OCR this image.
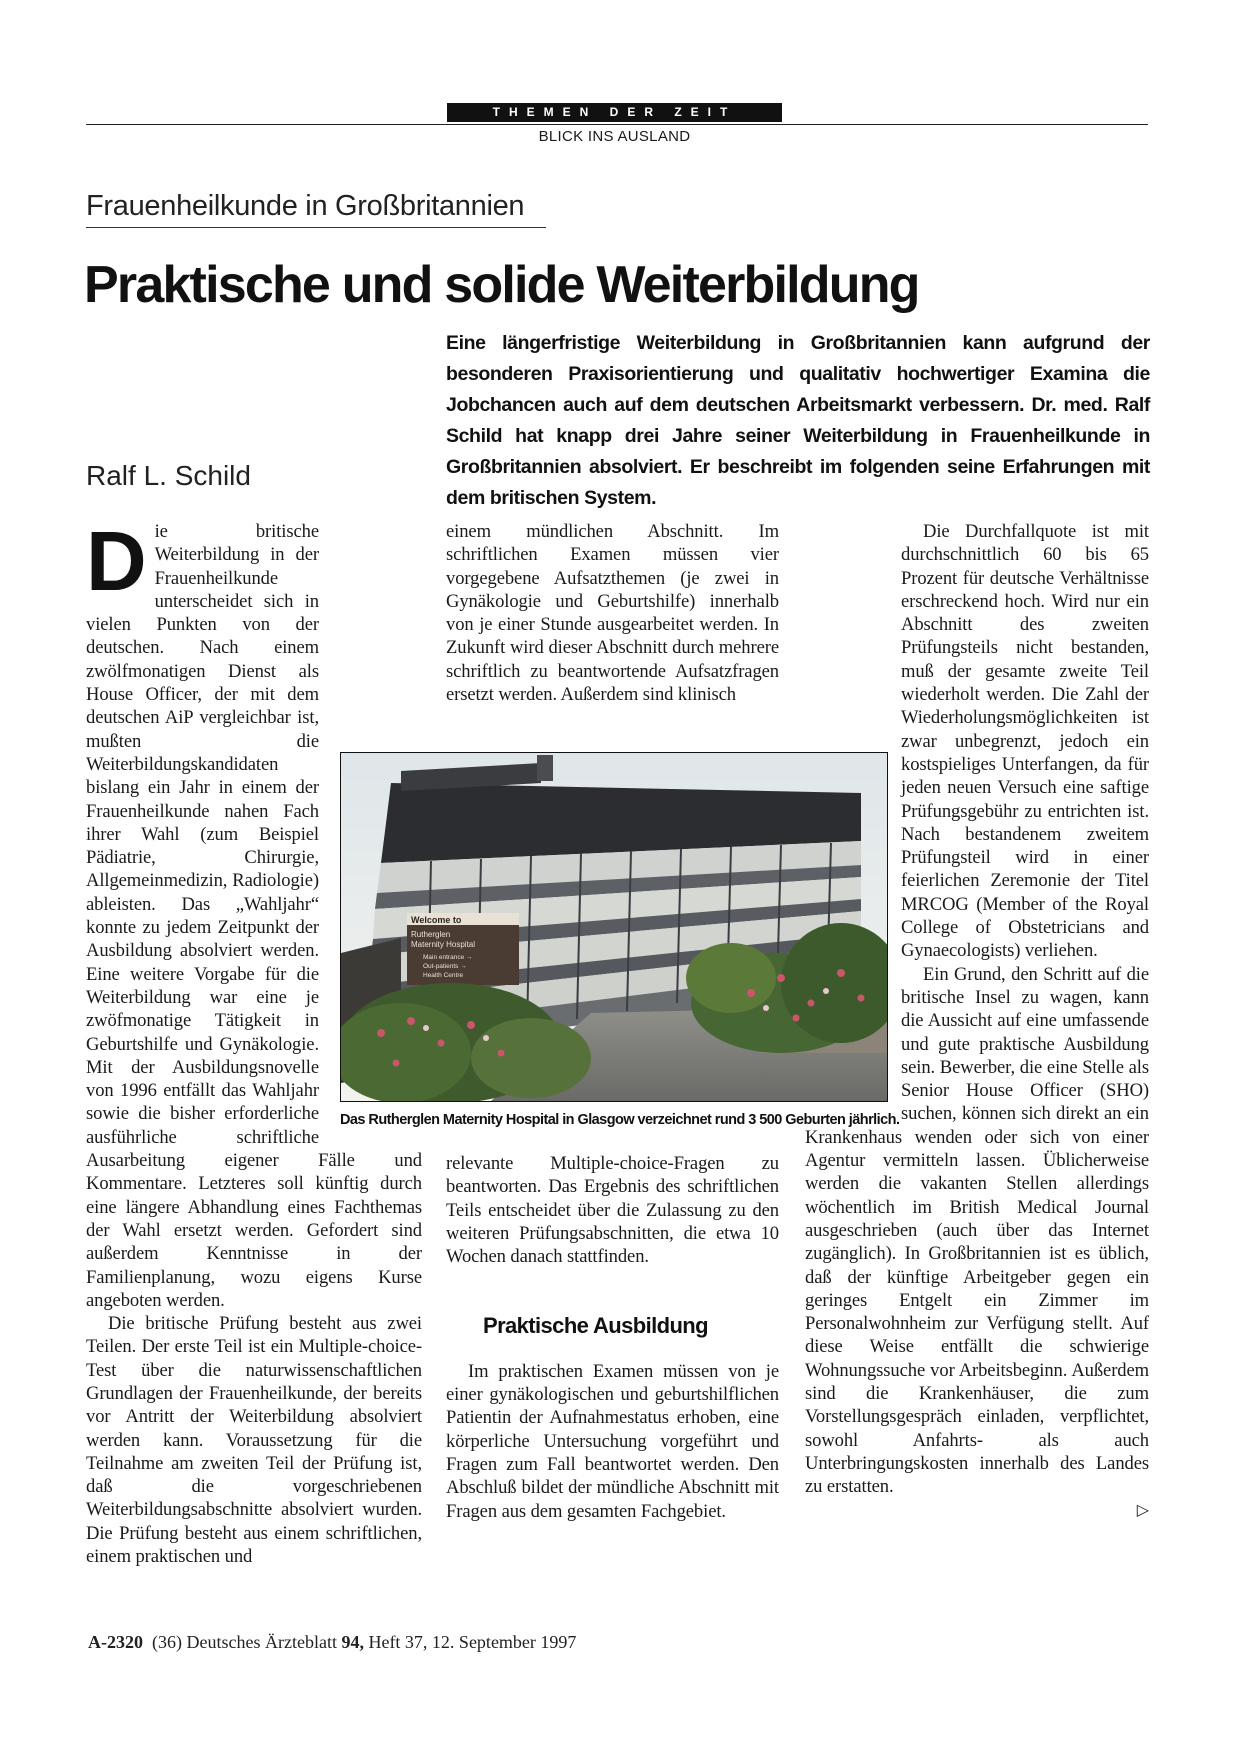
THEMEN DER ZEIT
BLICK INS AUSLAND
Frauenheilkunde in Großbritannien
Praktische und solide Weiterbildung

Eine längerfristige Weiterbildung in Großbritannien kann aufgrund der besonderen Praxisorientierung und qualitativ hochwertiger Examina die Jobchancen auch auf dem deutschen Arbeitsmarkt verbessern. Dr. med. Ralf Schild hat knapp drei Jahre seiner Weiterbildung in Frauenheilkunde in Großbritannien absolviert. Er beschreibt im folgenden seine Erfahrungen mit dem britischen System.

Ralf L. Schild
D ie britische Weiterbildung in der Frauenheilkunde unterscheidet sich in vielen Punkten von der deutschen. Nach einem zwölfmonatigen Dienst als House Officer, der mit dem deutschen AiP vergleichbar ist, mußten die Weiterbildungskandidaten bislang ein Jahr in einem der Frauenheilkunde nahen Fach ihrer Wahl (zum Beispiel Pädiatrie, Chirurgie, Allgemeinmedizin, Radiologie) ableisten. Das „Wahljahr“ konnte zu jedem Zeitpunkt der Ausbildung absolviert werden. Eine weitere Vorgabe für die Weiterbildung war eine je zwöfmonatige Tätigkeit in Geburtshilfe und Gynäkologie. Mit der Ausbildungsnovelle von 1996 entfällt das Wahljahr sowie die bisher erforderliche ausführliche schriftliche Ausarbeitung eigener Fälle und Kommentare. Letzteres soll künftig durch eine längere Abhandlung eines Fachthemas der Wahl ersetzt werden. Gefordert sind außerdem Kenntnisse in der Familienplanung, wozu eigens Kurse angeboten werden.

Die britische Prüfung besteht aus zwei Teilen. Der erste Teil ist ein Multiple-choice-Test über die naturwissenschaftlichen Grundlagen der Frauenheilkunde, der bereits vor Antritt der Weiterbildung absolviert werden kann. Voraussetzung für die Teilnahme am zweiten Teil der Prüfung ist, daß die vorgeschriebenen Weiterbildungsabschnitte absolviert wurden. Die Prüfung besteht aus einem schriftlichen, einem praktischen und

einem mündlichen Abschnitt. Im schriftlichen Examen müssen vier vorgegebene Aufsatzthemen (je zwei in Gynäkologie und Geburtshilfe) innerhalb von je einer Stunde ausgearbeitet werden. In Zukunft wird dieser Abschnitt durch mehrere schriftlich zu beantwortende Aufsatzfragen ersetzt werden. Außerdem sind klinisch

relevante Multiple-choice-Fragen zu beantworten. Das Ergebnis des schriftlichen Teils entscheidet über die Zulassung zu den weiteren Prüfungsabschnitten, die etwa 10 Wochen danach stattfinden.

Praktische Ausbildung

Im praktischen Examen müssen von je einer gynäkologischen und geburtshilflichen Patientin der Aufnahmestatus erhoben, eine körperliche Untersuchung vorgeführt und Fragen zum Fall beantwortet werden. Den Abschluß bildet der mündliche Abschnitt mit Fragen aus dem gesamten Fachgebiet.

Die Durchfallquote ist mit durchschnittlich 60 bis 65 Prozent für deutsche Verhältnisse erschreckend hoch. Wird nur ein Abschnitt des zweiten Prüfungsteils nicht bestanden, muß der gesamte zweite Teil wiederholt werden. Die Zahl der Wiederholungsmöglichkeiten ist zwar unbegrenzt, jedoch ein kostspieliges Unterfangen, da für jeden neuen Versuch eine saftige Prüfungsgebühr zu entrichten ist. Nach bestandenem zweitem Prüfungsteil wird in einer feierlichen Zeremonie der Titel MRCOG (Member of the Royal College of Obstetricians and Gynaecologists) verliehen.

Ein Grund, den Schritt auf die britische Insel zu wagen, kann die Aussicht auf eine umfassende und gute praktische Ausbildung sein. Bewerber, die eine Stelle als Senior House Officer (SHO) suchen, können sich direkt an ein Krankenhaus wenden oder sich von einer Agentur vermitteln lassen. Üblicherweise werden die vakanten Stellen allerdings wöchentlich im British Medical Journal ausgeschrieben (auch über das Internet zugänglich). In Großbritannien ist es üblich, daß der künftige Arbeitgeber gegen ein geringes Entgelt ein Zimmer im Personalwohnheim zur Verfügung stellt. Auf diese Weise entfällt die schwierige Wohnungssuche vor Arbeitsbeginn. Außerdem sind die Krankenhäuser, die zum Vorstellungsgespräch einladen, verpflichtet, sowohl Anfahrts- als auch Unterbringungskosten innerhalb des Landes zu erstatten.

▷
Welcome to
Rutherglen
Maternity Hospital
Main entrance →
Out-patients →
Health Centre
Das Rutherglen Maternity Hospital in Glasgow verzeichnet rund 3 500 Geburten jährlich.
A-2320 (36) Deutsches Ärzteblatt 94, Heft 37, 12. September 1997
